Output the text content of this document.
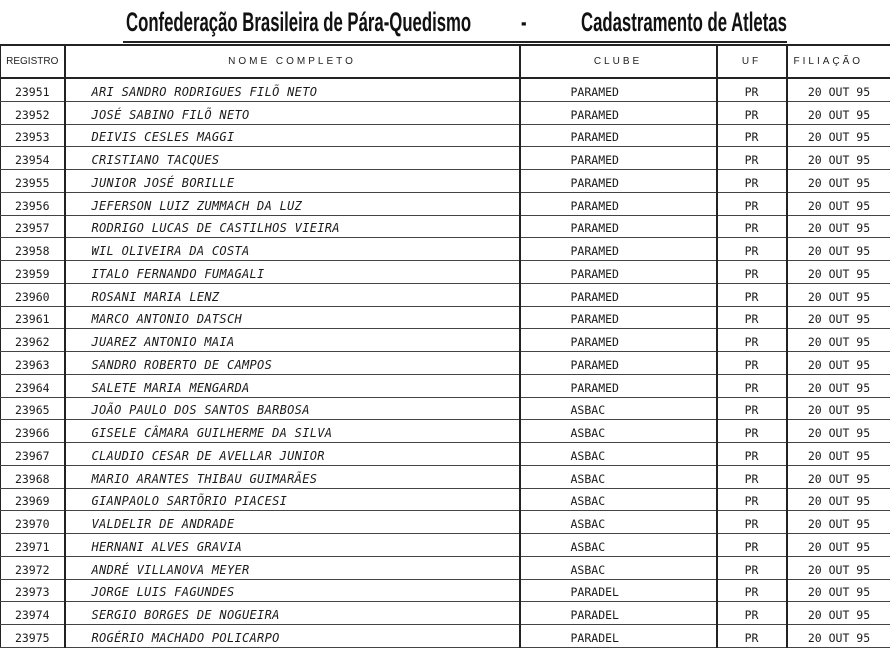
Confederação Brasileira de Pára-Quedismo - Cadastramento de Atletas
REGISTRO	NOME COMPLETO	CLUBE	UF	FILIAÇÃO
23951	ARI SANDRO RODRIGUES FILÕ NETO	PARAMED	PR	20 OUT 95
23952	JOSÉ SABINO FILÕ NETO	PARAMED	PR	20 OUT 95
23953	DEIVIS CESLES MAGGI	PARAMED	PR	20 OUT 95
23954	CRISTIANO TACQUES	PARAMED	PR	20 OUT 95
23955	JUNIOR JOSÉ BORILLE	PARAMED	PR	20 OUT 95
23956	JEFERSON LUIZ ZUMMACH DA LUZ	PARAMED	PR	20 OUT 95
23957	RODRIGO LUCAS DE CASTILHOS VIEIRA	PARAMED	PR	20 OUT 95
23958	WIL OLIVEIRA DA COSTA	PARAMED	PR	20 OUT 95
23959	ITALO FERNANDO FUMAGALI	PARAMED	PR	20 OUT 95
23960	ROSANI MARIA LENZ	PARAMED	PR	20 OUT 95
23961	MARCO ANTONIO DATSCH	PARAMED	PR	20 OUT 95
23962	JUAREZ ANTONIO MAIA	PARAMED	PR	20 OUT 95
23963	SANDRO ROBERTO DE CAMPOS	PARAMED	PR	20 OUT 95
23964	SALETE MARIA MENGARDA	PARAMED	PR	20 OUT 95
23965	JOÃO PAULO DOS SANTOS BARBOSA	ASBAC	PR	20 OUT 95
23966	GISELE CÂMARA GUILHERME DA SILVA	ASBAC	PR	20 OUT 95
23967	CLAUDIO CESAR DE AVELLAR JUNIOR	ASBAC	PR	20 OUT 95
23968	MARIO ARANTES THIBAU GUIMARÃES	ASBAC	PR	20 OUT 95
23969	GIANPAOLO SARTÕRIO PIACESI	ASBAC	PR	20 OUT 95
23970	VALDELIR DE ANDRADE	ASBAC	PR	20 OUT 95
23971	HERNANI ALVES GRAVIA	ASBAC	PR	20 OUT 95
23972	ANDRÉ VILLANOVA MEYER	ASBAC	PR	20 OUT 95
23973	JORGE LUIS FAGUNDES	PARADEL	PR	20 OUT 95
23974	SERGIO BORGES DE NOGUEIRA	PARADEL	PR	20 OUT 95
23975	ROGÉRIO MACHADO POLICARPO	PARADEL	PR	20 OUT 95
